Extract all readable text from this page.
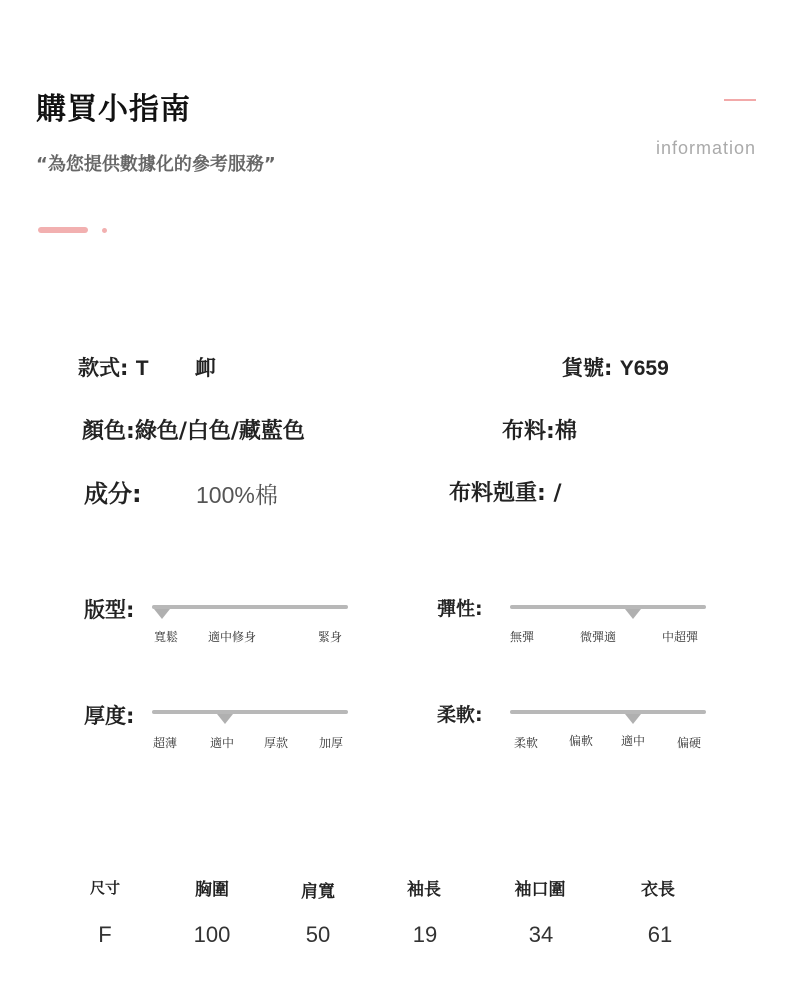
購買小指南
“為您提供數據化的參考服務”
information
款式: T 卹	貨號: Y659
顏色:綠色/白色/藏藍色	布料:棉
成分: 100%棉	布料剋重: /
版型:
寬鬆 適中修身	緊身
彈性:
無彈	微彈適	中超彈
厚度:
超薄	適中 厚款	加厚
柔軟:
柔軟	偏軟 適中	偏硬
尺寸	胸圍	肩寬	袖長	袖口圍	衣長
F	100	50	19	34	61
